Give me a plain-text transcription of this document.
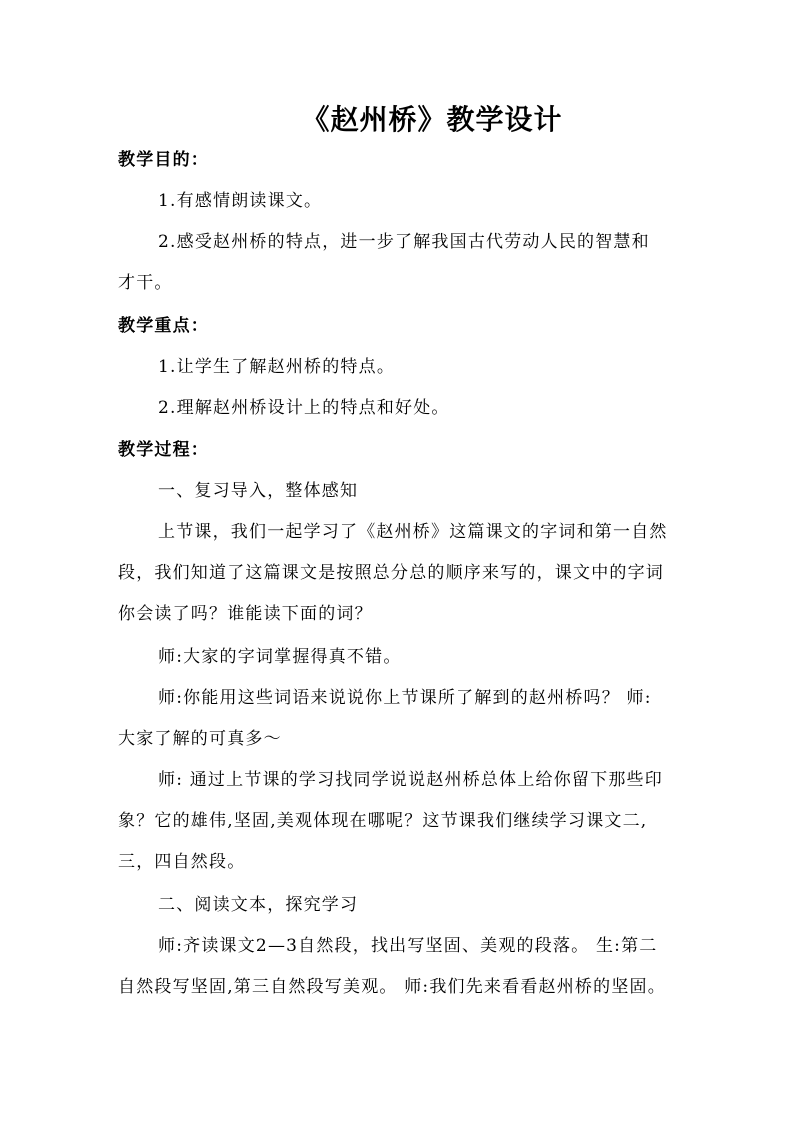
《赵州桥》教学设计
教学目的：
1.有感情朗读课文。
2.感受赵州桥的特点，进一步了解我国古代劳动人民的智慧和
才干。
教学重点：
1.让学生了解赵州桥的特点。
2.理解赵州桥设计上的特点和好处。
教学过程：
一、复习导入，整体感知
上节课，我们一起学习了《赵州桥》这篇课文的字词和第一自然
段，我们知道了这篇课文是按照总分总的顺序来写的，课文中的字词
你会读了吗？谁能读下面的词？
师:大家的字词掌握得真不错。
师:你能用这些词语来说说你上节课所了解到的赵州桥吗？ 师:
大家了解的可真多～
师: 通过上节课的学习找同学说说赵州桥总体上给你留下那些印
象？它的雄伟,坚固,美观体现在哪呢？这节课我们继续学习课文二,
三，四自然段。
二、阅读文本，探究学习
师:齐读课文2—3自然段，找出写坚固、美观的段落。 生:第二
自然段写坚固,第三自然段写美观。 师:我们先来看看赵州桥的坚固。
